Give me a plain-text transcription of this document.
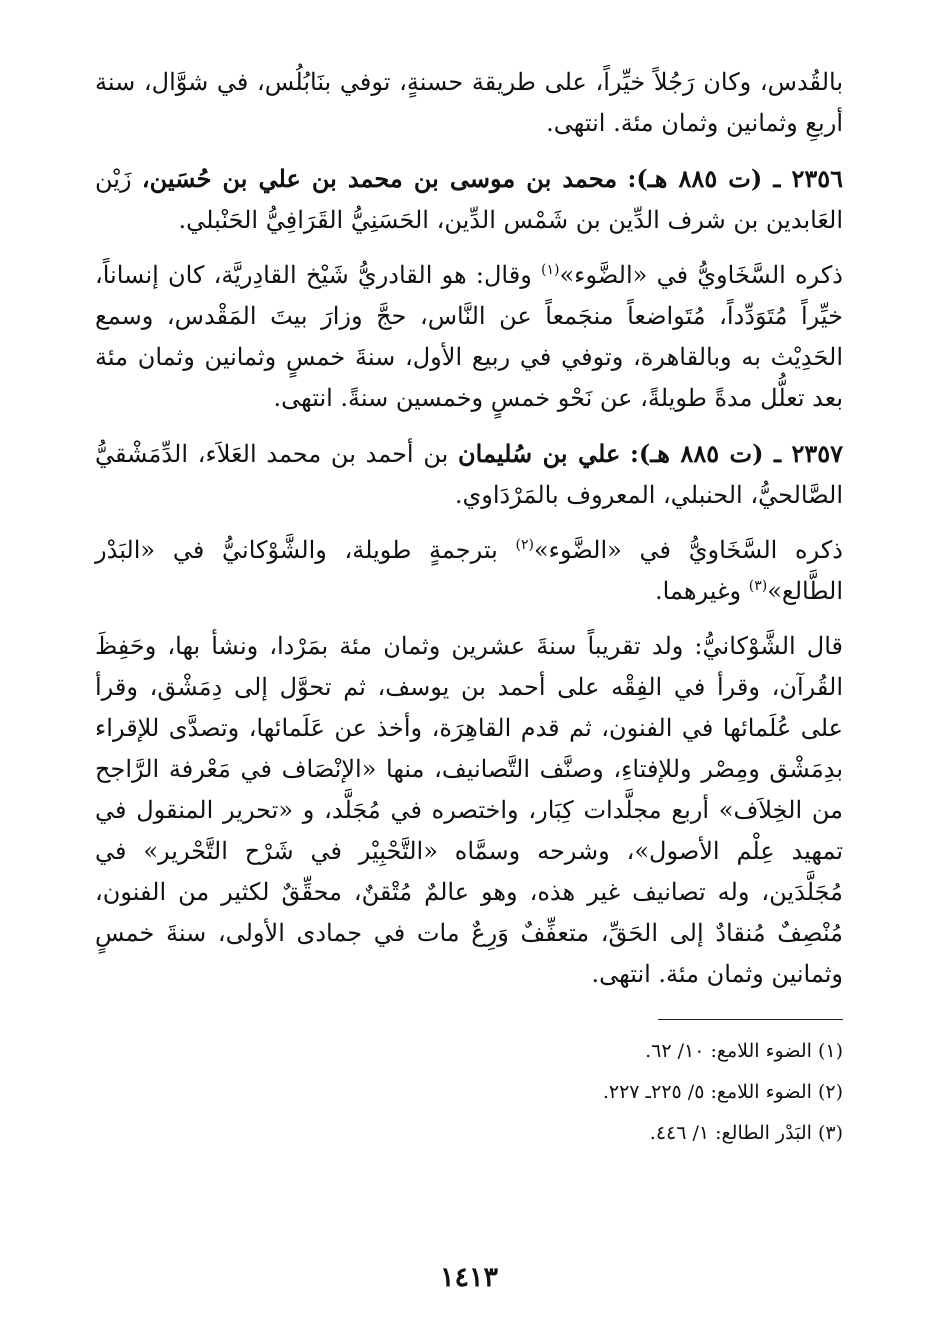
بالقُدس، وكان رَجُلاً خيِّراً، على طريقة حسنةٍ، توفي بنَابُلُس، في شوَّال، سنة أربعِ وثمانين وثمان مئة. انتهى.

٢٣٥٦ ـ (ت ٨٨٥ هـ): محمد بن موسى بن محمد بن علي بن حُسَين، زَيْن العَابدين بن شرف الدِّين بن شَمْس الدِّين، الحَسَنِيُّ القَرَافِيُّ الحَنْبلي.

ذكره السَّخَاويُّ في «الضَّوء»$^{(١)}$ وقال: هو القادريُّ شَيْخ القادِريَّة، كان إنساناً، خيِّراً مُتَوَدِّداً، مُتَواضعاً منجَمعاً عن النَّاس، حجَّ وزارَ بيتَ المَقْدس، وسمع الحَدِيْث به وبالقاهرة، وتوفي في ربيع الأول، سنةَ خمسٍ وثمانين وثمان مئة بعد تعلُّل مدةً طويلةً، عن نَحْو خمسٍ وخمسين سنةً. انتهى.

٢٣٥٧ ـ (ت ٨٨٥ هـ): علي بن سُليمان بن أحمد بن محمد العَلاَء، الدِّمَشْقيُّ الصَّالحيُّ، الحنبلي، المعروف بالمَرْدَاوي.

ذكره السَّخَاويُّ في «الضَّوء»$^{(٢)}$ بترجمةٍ طويلة، والشَّوْكانيُّ في «البَدْر الطَّالع»$^{(٣)}$ وغيرهما.

قال الشَّوْكانيُّ: ولد تقريباً سنةَ عشرين وثمان مئة بمَرْدا، ونشأ بها، وحَفِظَ القُرآن، وقرأ في الفِقْه على أحمد بن يوسف، ثم تحوَّل إلى دِمَشْق، وقرأ على عُلَمائها في الفنون، ثم قدم القاهِرَة، وأخذ عن عَلَمائها، وتصدَّى للإقراء بدِمَشْق ومِصْر وللإفتاءِ، وصنَّف التَّصانيف، منها «الإنْصَاف في مَعْرفة الرَّاجح من الخِلاَف» أربع مجلَّدات كِبَار، واختصره في مُجَلَّد، و «تحرير المنقول في تمهيد عِلْم الأصول»، وشرحه وسمَّاه «التَّحْبِيْر في شَرْح التَّحْرير» في مُجَلَّدَين، وله تصانيف غير هذه، وهو عالمٌ مُتْقنٌ، محقِّقٌ لكثير من الفنون، مُنْصِفٌ مُنقادٌ إلى الحَقِّ، متعفِّفٌ وَرِعٌ مات في جمادى الأولى، سنةَ خمسٍ وثمانين وثمان مئة. انتهى.

(١) الضوء اللامع: ١٠/ ٦٢.

(٢) الضوء اللامع: ٥/ ٢٢٥ـ ٢٢٧.

(٣) البَدْر الطالع: ١/ ٤٤٦.

١٤١٣
